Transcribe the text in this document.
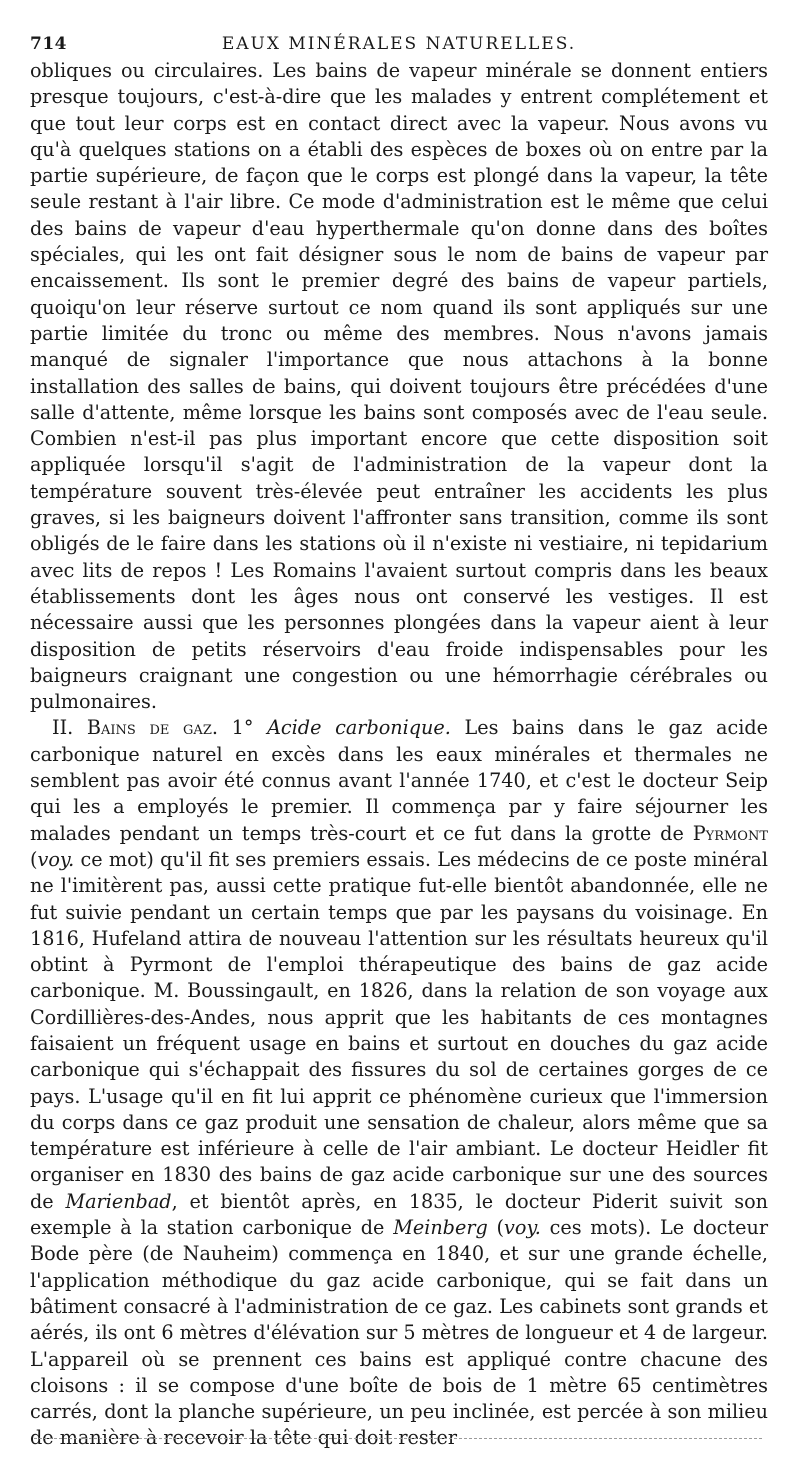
714	EAUX MINÉRALES NATURELLES.

obliques ou circulaires. Les bains de vapeur minérale se donnent entiers presque toujours, c'est-à-dire que les malades y entrent complétement et que tout leur corps est en contact direct avec la vapeur. Nous avons vu qu'à quelques stations on a établi des espèces de boxes où on entre par la partie supérieure, de façon que le corps est plongé dans la vapeur, la tête seule restant à l'air libre. Ce mode d'administration est le même que celui des bains de vapeur d'eau hyperthermale qu'on donne dans des boîtes spéciales, qui les ont fait désigner sous le nom de bains de vapeur par encaissement. Ils sont le premier degré des bains de vapeur partiels, quoiqu'on leur réserve surtout ce nom quand ils sont appliqués sur une partie limitée du tronc ou même des membres. Nous n'avons jamais manqué de signaler l'importance que nous attachons à la bonne installation des salles de bains, qui doivent toujours être précédées d'une salle d'attente, même lorsque les bains sont composés avec de l'eau seule. Combien n'est-il pas plus important encore que cette disposition soit appliquée lorsqu'il s'agit de l'administration de la vapeur dont la température souvent très-élevée peut entraîner les accidents les plus graves, si les baigneurs doivent l'affronter sans transition, comme ils sont obligés de le faire dans les stations où il n'existe ni vestiaire, ni tepidarium avec lits de repos ! Les Romains l'avaient surtout compris dans les beaux établissements dont les âges nous ont conservé les vestiges. Il est nécessaire aussi que les personnes plongées dans la vapeur aient à leur disposition de petits réservoirs d'eau froide indispensables pour les baigneurs craignant une congestion ou une hémorrhagie cérébrales ou pulmonaires.

II. Bains de gaz. 1° Acide carbonique. Les bains dans le gaz acide carbonique naturel en excès dans les eaux minérales et thermales ne semblent pas avoir été connus avant l'année 1740, et c'est le docteur Seip qui les a employés le premier. Il commença par y faire séjourner les malades pendant un temps très-court et ce fut dans la grotte de Pyrmont (voy. ce mot) qu'il fit ses premiers essais. Les médecins de ce poste minéral ne l'imitèrent pas, aussi cette pratique fut-elle bientôt abandonnée, elle ne fut suivie pendant un certain temps que par les paysans du voisinage. En 1816, Hufeland attira de nouveau l'attention sur les résultats heureux qu'il obtint à Pyrmont de l'emploi thérapeutique des bains de gaz acide carbonique. M. Boussingault, en 1826, dans la relation de son voyage aux Cordillières-des-Andes, nous apprit que les habitants de ces montagnes faisaient un fréquent usage en bains et surtout en douches du gaz acide carbonique qui s'échappait des fissures du sol de certaines gorges de ce pays. L'usage qu'il en fit lui apprit ce phénomène curieux que l'immersion du corps dans ce gaz produit une sensation de chaleur, alors même que sa température est inférieure à celle de l'air ambiant. Le docteur Heidler fit organiser en 1830 des bains de gaz acide carbonique sur une des sources de Marienbad, et bientôt après, en 1835, le docteur Piderit suivit son exemple à la station carbonique de Meinberg (voy. ces mots). Le docteur Bode père (de Nauheim) commença en 1840, et sur une grande échelle, l'application méthodique du gaz acide carbonique, qui se fait dans un bâtiment consacré à l'administration de ce gaz. Les cabinets sont grands et aérés, ils ont 6 mètres d'élévation sur 5 mètres de longueur et 4 de largeur. L'appareil où se prennent ces bains est appliqué contre chacune des cloisons : il se compose d'une boîte de bois de 1 mètre 65 centimètres carrés, dont la planche supérieure, un peu inclinée, est percée à son milieu de manière à recevoir la tête qui doit rester
